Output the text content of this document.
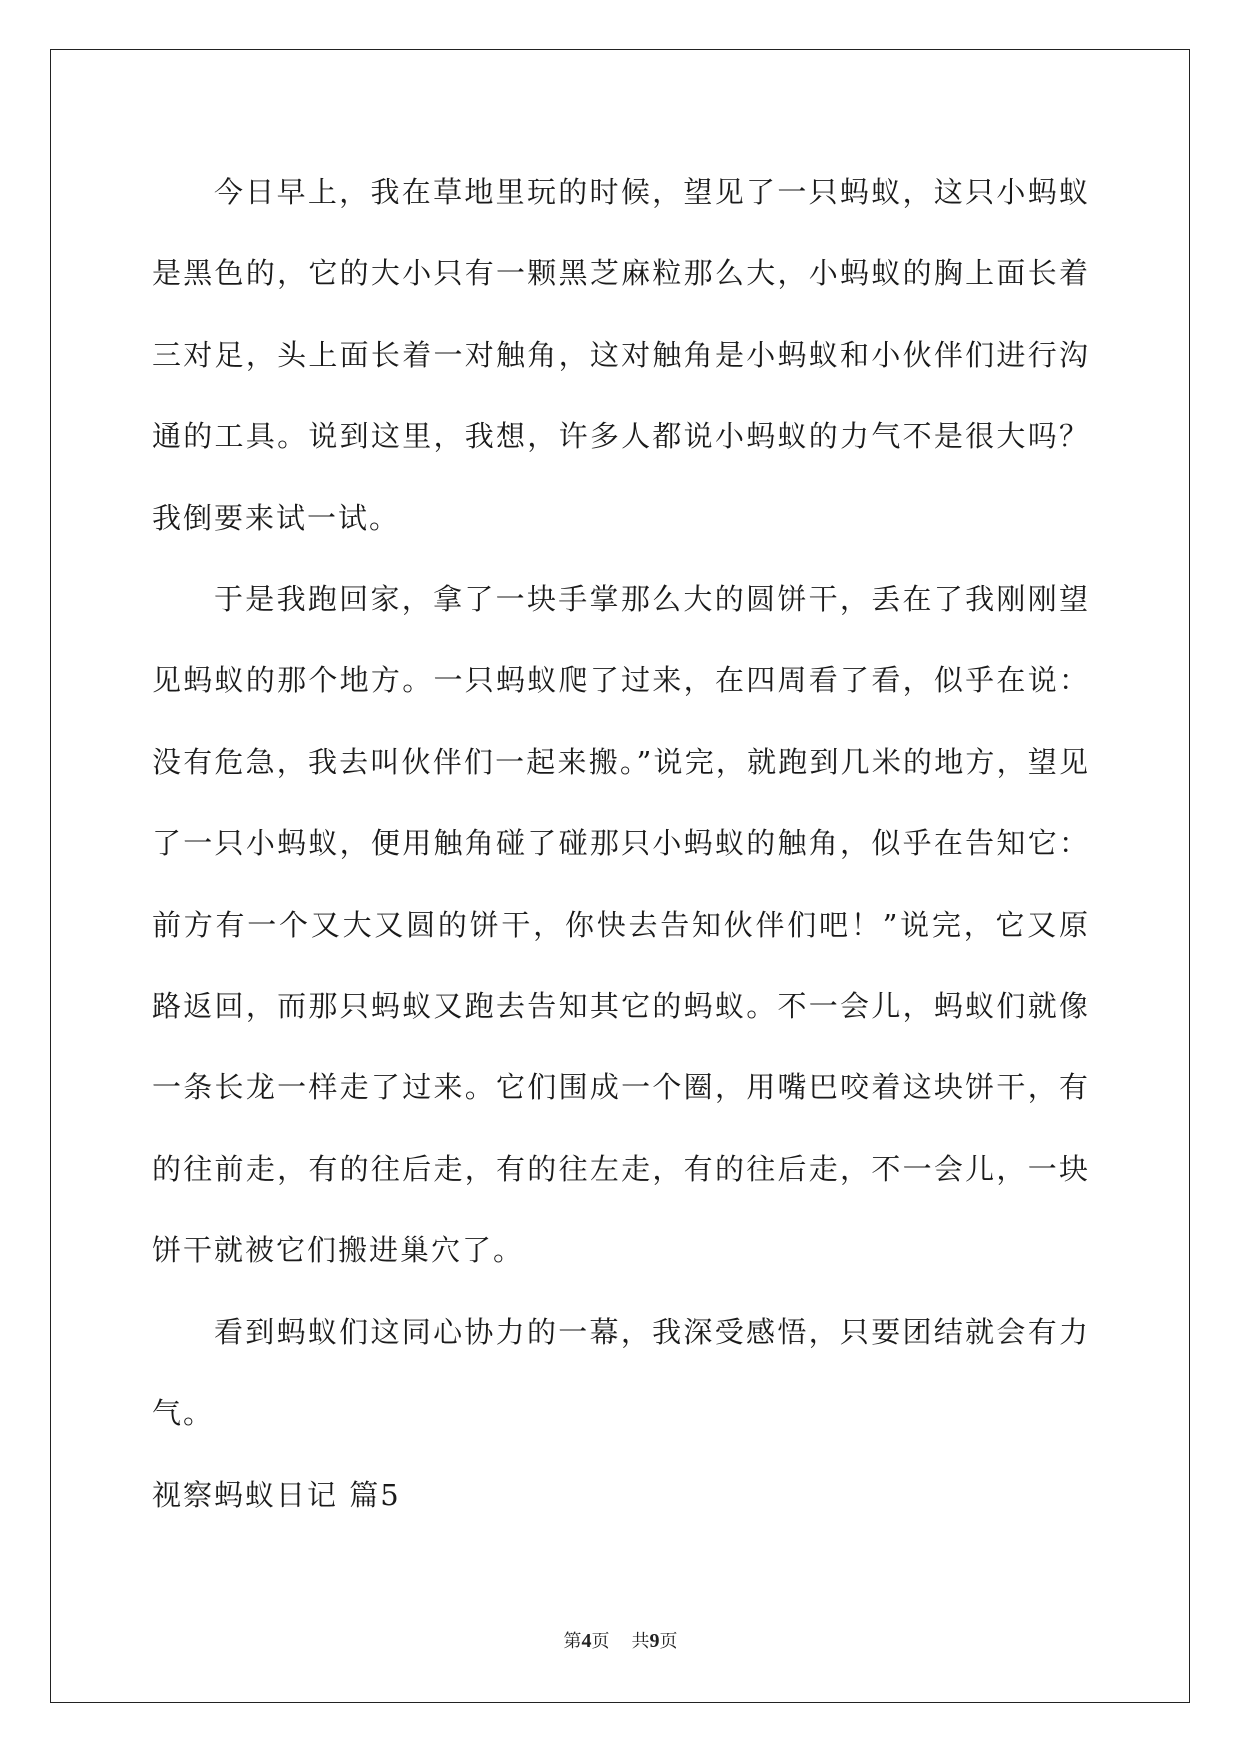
今日早上，我在草地里玩的时候，望见了一只蚂蚁，这只小蚂蚁是黑色的，它的大小只有一颗黑芝麻粒那么大，小蚂蚁的胸上面长着三对足，头上面长着一对触角，这对触角是小蚂蚁和小伙伴们进行沟通的工具。说到这里，我想，许多人都说小蚂蚁的力气不是很大吗？我倒要来试一试。

于是我跑回家，拿了一块手掌那么大的圆饼干，丢在了我刚刚望见蚂蚁的那个地方。一只蚂蚁爬了过来，在四周看了看，似乎在说：没有危急，我去叫伙伴们一起来搬。”说完，就跑到几米的地方，望见了一只小蚂蚁，便用触角碰了碰那只小蚂蚁的触角，似乎在告知它：前方有一个又大又圆的饼干，你快去告知伙伴们吧！”说完，它又原路返回，而那只蚂蚁又跑去告知其它的蚂蚁。不一会儿，蚂蚁们就像一条长龙一样走了过来。它们围成一个圈，用嘴巴咬着这块饼干，有的往前走，有的往后走，有的往左走，有的往后走，不一会儿，一块饼干就被它们搬进巢穴了。

看到蚂蚁们这同心协力的一幕，我深受感悟，只要团结就会有力气。

视察蚂蚁日记 篇5

第4页 共9页
